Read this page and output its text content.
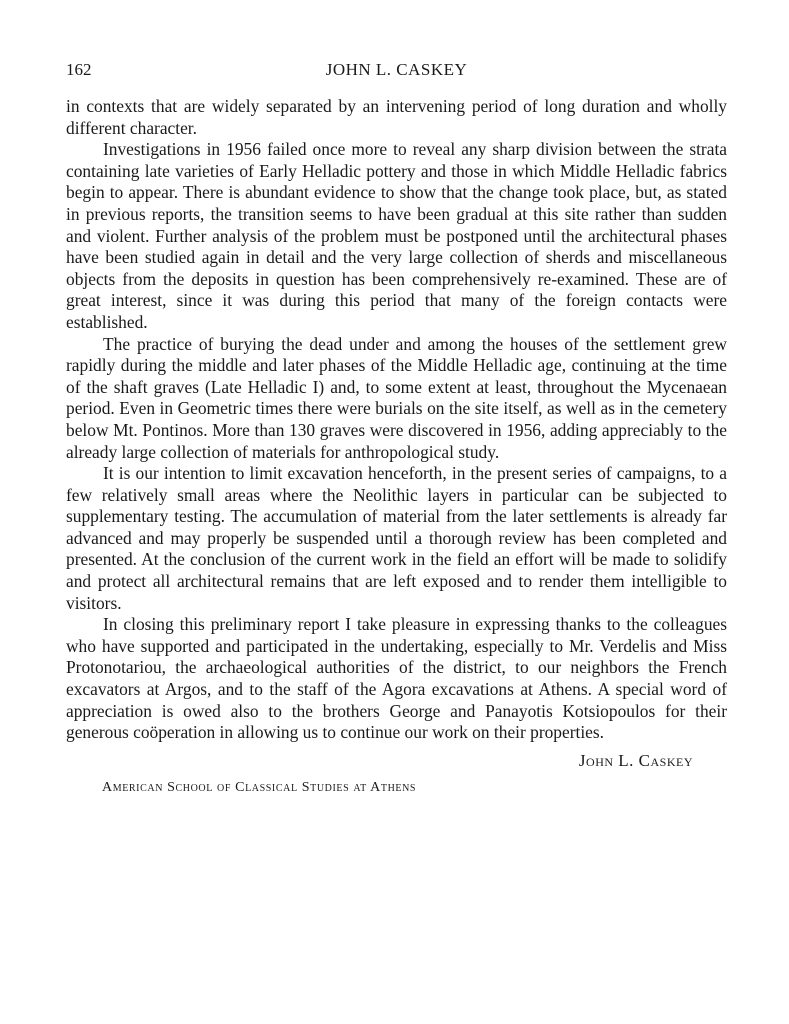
162	JOHN L. CASKEY

in contexts that are widely separated by an intervening period of long duration and wholly different character.

Investigations in 1956 failed once more to reveal any sharp division between the strata containing late varieties of Early Helladic pottery and those in which Middle Helladic fabrics begin to appear. There is abundant evidence to show that the change took place, but, as stated in previous reports, the transition seems to have been gradual at this site rather than sudden and violent. Further analysis of the problem must be postponed until the architectural phases have been studied again in detail and the very large collection of sherds and miscellaneous objects from the deposits in question has been comprehensively re-examined. These are of great interest, since it was during this period that many of the foreign contacts were established.

The practice of burying the dead under and among the houses of the settlement grew rapidly during the middle and later phases of the Middle Helladic age, continuing at the time of the shaft graves (Late Helladic I) and, to some extent at least, throughout the Mycenaean period. Even in Geometric times there were burials on the site itself, as well as in the cemetery below Mt. Pontinos. More than 130 graves were discovered in 1956, adding appreciably to the already large collection of materials for anthropological study.

It is our intention to limit excavation henceforth, in the present series of campaigns, to a few relatively small areas where the Neolithic layers in particular can be subjected to supplementary testing. The accumulation of material from the later settlements is already far advanced and may properly be suspended until a thorough review has been completed and presented. At the conclusion of the current work in the field an effort will be made to solidify and protect all architectural remains that are left exposed and to render them intelligible to visitors.

In closing this preliminary report I take pleasure in expressing thanks to the colleagues who have supported and participated in the undertaking, especially to Mr. Verdelis and Miss Protonotariou, the archaeological authorities of the district, to our neighbors the French excavators at Argos, and to the staff of the Agora excavations at Athens. A special word of appreciation is owed also to the brothers George and Panayotis Kotsiopoulos for their generous coöperation in allowing us to continue our work on their properties.

John L. Caskey
American School of Classical Studies at Athens
